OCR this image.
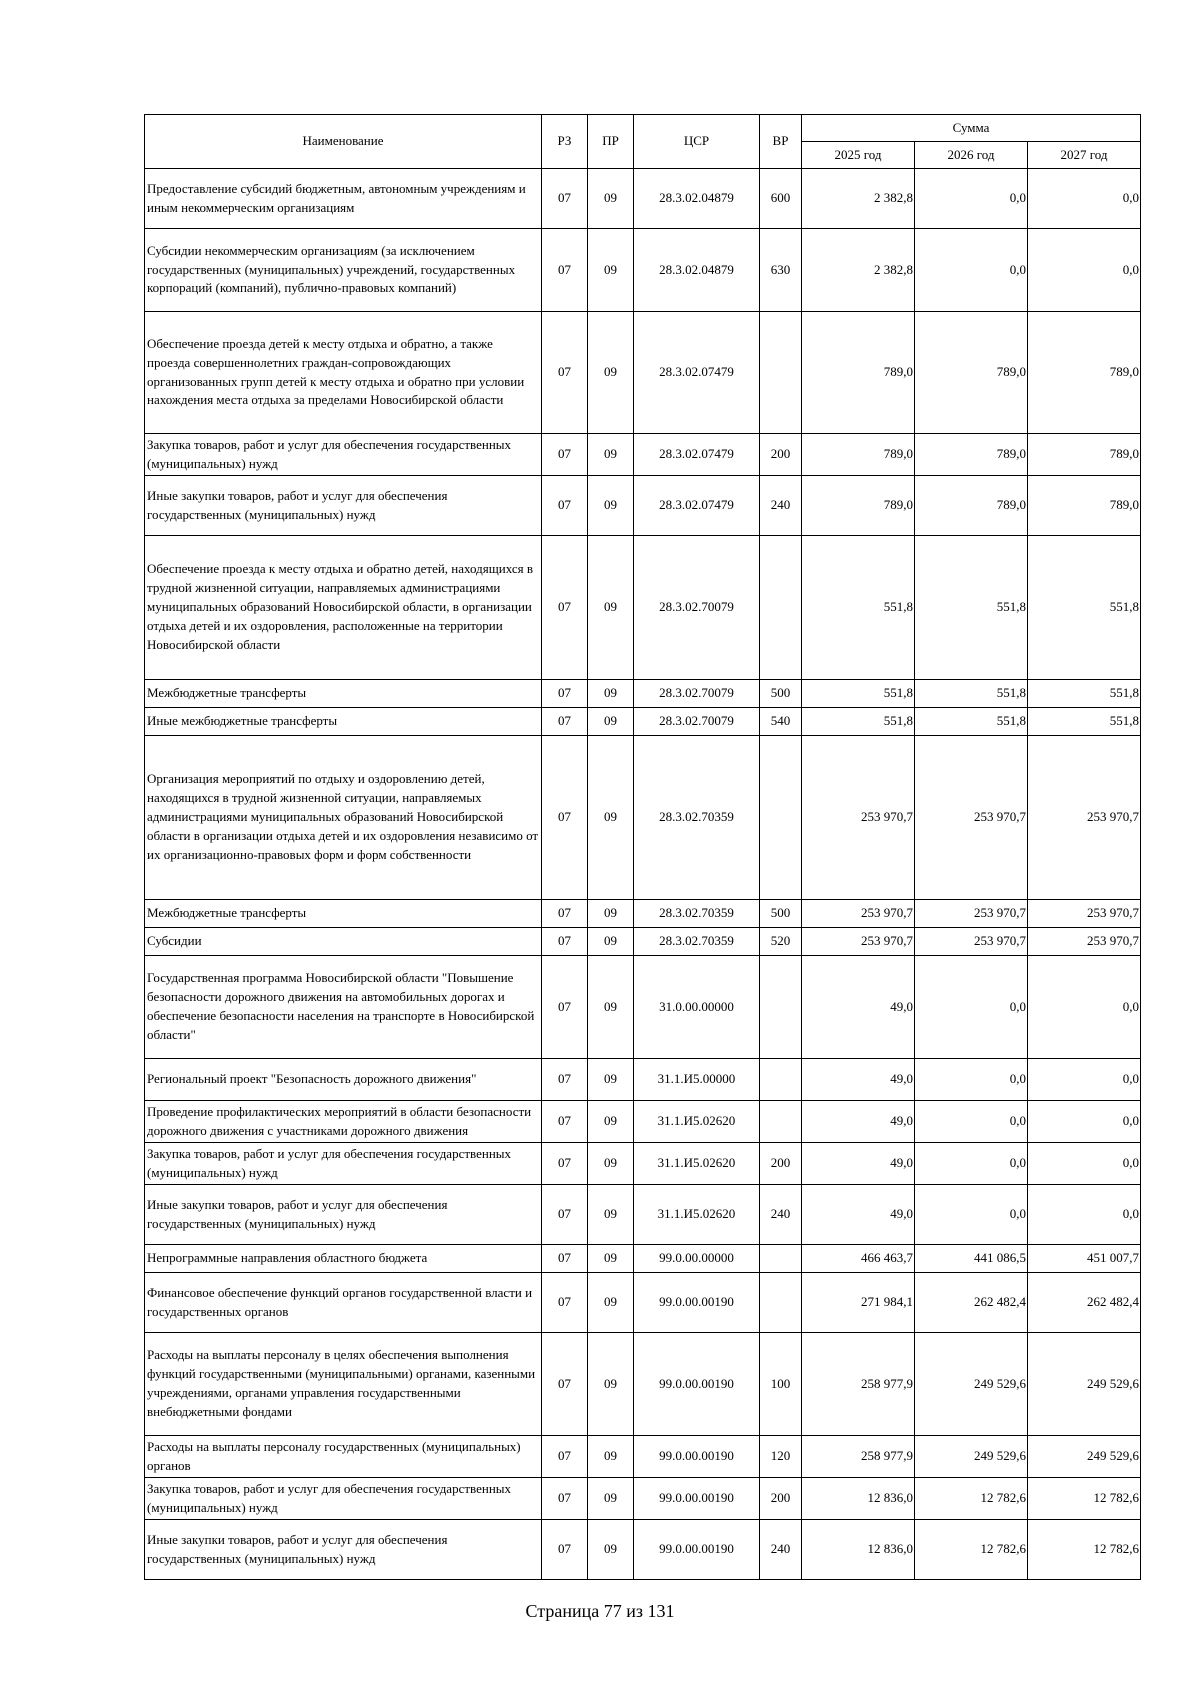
Наименование	РЗ	ПР	ЦСР	ВР	Сумма		
					2025 год	2026 год	2027 год
Предоставление субсидий бюджетным, автономным учреждениям и иным некоммерческим организациям	07	09	28.3.02.04879	600	2 382,8	0,0	0,0
Субсидии некоммерческим организациям (за исключением государственных (муниципальных) учреждений, государственных корпораций (компаний), публично-правовых компаний)	07	09	28.3.02.04879	630	2 382,8	0,0	0,0
Обеспечение проезда детей к месту отдыха и обратно, а также проезда совершеннолетних граждан-сопровождающих организованных групп детей к месту отдыха и обратно при условии нахождения места отдыха за пределами Новосибирской области	07	09	28.3.02.07479		789,0	789,0	789,0
Закупка товаров, работ и услуг для обеспечения государственных (муниципальных) нужд	07	09	28.3.02.07479	200	789,0	789,0	789,0
Иные закупки товаров, работ и услуг для обеспечения государственных (муниципальных) нужд	07	09	28.3.02.07479	240	789,0	789,0	789,0
Обеспечение проезда к месту отдыха и обратно детей, находящихся в трудной жизненной ситуации, направляемых администрациями муниципальных образований Новосибирской области, в организации отдыха детей и их оздоровления, расположенные на территории Новосибирской области	07	09	28.3.02.70079		551,8	551,8	551,8
Межбюджетные трансферты	07	09	28.3.02.70079	500	551,8	551,8	551,8
Иные межбюджетные трансферты	07	09	28.3.02.70079	540	551,8	551,8	551,8
Организация мероприятий по отдыху и оздоровлению детей, находящихся в трудной жизненной ситуации, направляемых администрациями муниципальных образований Новосибирской области в организации отдыха детей и их оздоровления независимо от их организационно-правовых форм и форм собственности	07	09	28.3.02.70359		253 970,7	253 970,7	253 970,7
Межбюджетные трансферты	07	09	28.3.02.70359	500	253 970,7	253 970,7	253 970,7
Субсидии	07	09	28.3.02.70359	520	253 970,7	253 970,7	253 970,7
Государственная программа Новосибирской области "Повышение безопасности дорожного движения на автомобильных дорогах и обеспечение безопасности населения на транспорте в Новосибирской области"	07	09	31.0.00.00000		49,0	0,0	0,0
Региональный проект "Безопасность дорожного движения"	07	09	31.1.И5.00000		49,0	0,0	0,0
Проведение профилактических мероприятий в области безопасности дорожного движения с участниками дорожного движения	07	09	31.1.И5.02620		49,0	0,0	0,0
Закупка товаров, работ и услуг для обеспечения государственных (муниципальных) нужд	07	09	31.1.И5.02620	200	49,0	0,0	0,0
Иные закупки товаров, работ и услуг для обеспечения государственных (муниципальных) нужд	07	09	31.1.И5.02620	240	49,0	0,0	0,0
Непрограммные направления областного бюджета	07	09	99.0.00.00000		466 463,7	441 086,5	451 007,7
Финансовое обеспечение функций органов государственной власти и государственных органов	07	09	99.0.00.00190		271 984,1	262 482,4	262 482,4
Расходы на выплаты персоналу в целях обеспечения выполнения функций государственными (муниципальными) органами, казенными учреждениями, органами управления государственными внебюджетными фондами	07	09	99.0.00.00190	100	258 977,9	249 529,6	249 529,6
Расходы на выплаты персоналу государственных (муниципальных) органов	07	09	99.0.00.00190	120	258 977,9	249 529,6	249 529,6
Закупка товаров, работ и услуг для обеспечения государственных (муниципальных) нужд	07	09	99.0.00.00190	200	12 836,0	12 782,6	12 782,6
Иные закупки товаров, работ и услуг для обеспечения государственных (муниципальных) нужд	07	09	99.0.00.00190	240	12 836,0	12 782,6	12 782,6
Страница 77 из 131
